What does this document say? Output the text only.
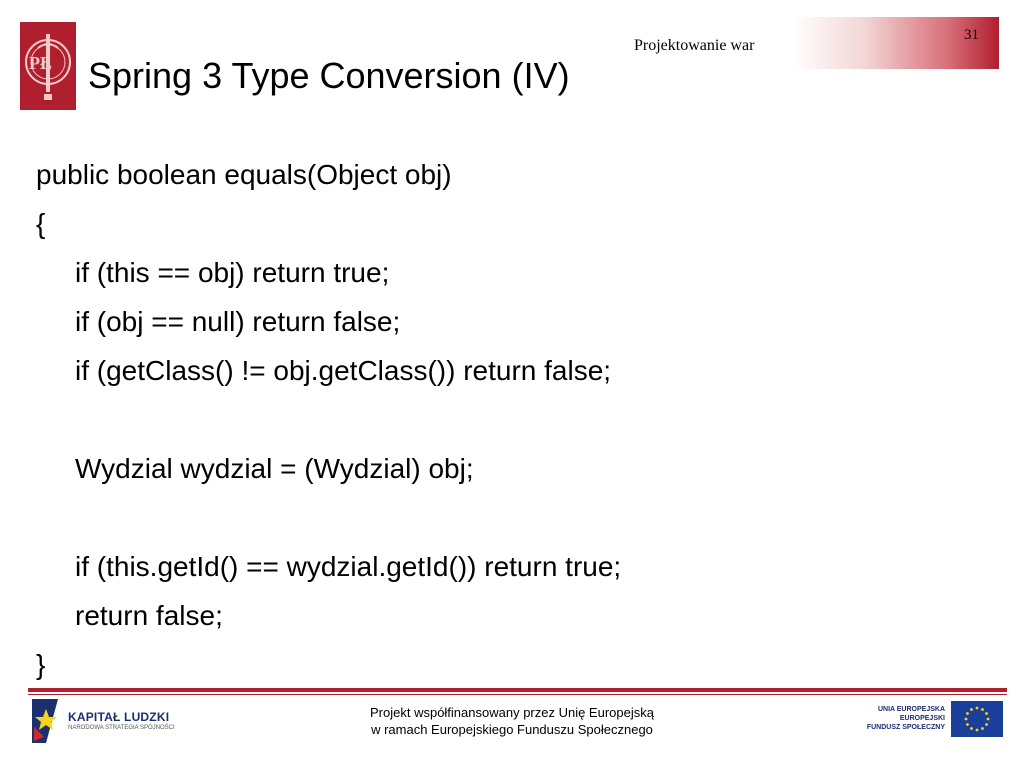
31
Projektowanie war
PŁ Spring 3 Type Conversion (IV)
public boolean equals(Object obj)
{
if (this == obj) return true;
if (obj == null) return false;
if (getClass() != obj.getClass()) return false;
Wydzial wydzial = (Wydzial) obj;
if (this.getId() == wydzial.getId()) return true;
return false;
}
KAPITAŁ LUDZKI
NARODOWA STRATEGIA SPÓJNOŚCI
Projekt współfinansowany przez Unię Europejską
w ramach Europejskiego Funduszu Społecznego
UNIA EUROPEJSKA
EUROPEJSKI
FUNDUSZ SPOŁECZNY
